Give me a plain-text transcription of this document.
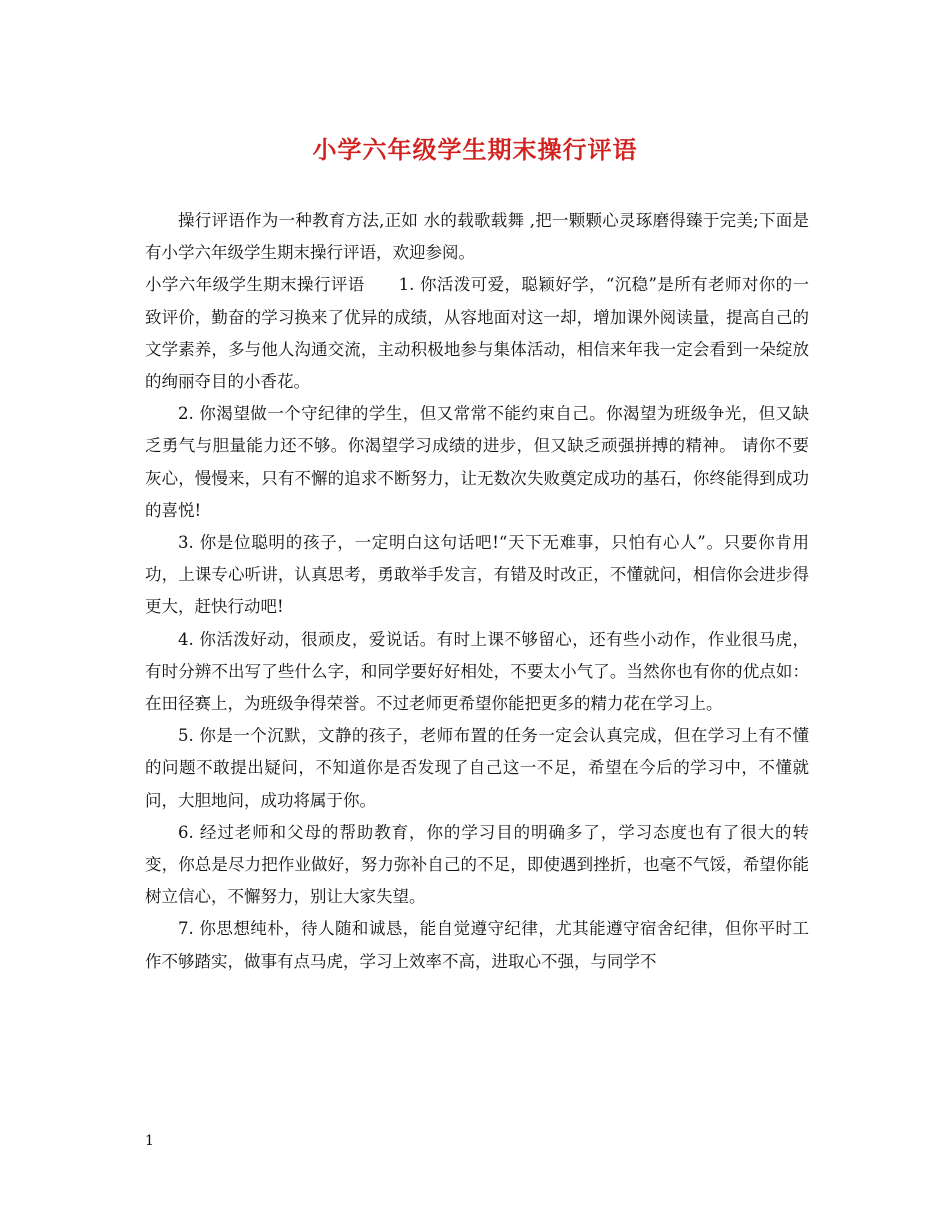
小学六年级学生期末操行评语

操行评语作为一种教育方法,正如 水的载歌载舞 ,把一颗颗心灵琢磨得臻于完美;下面是有小学六年级学生期末操行评语，欢迎参阅。

小学六年级学生期末操行评语 1. 你活泼可爱，聪颖好学，“沉稳”是所有老师对你的一致评价，勤奋的学习换来了优异的成绩，从容地面对这一却，增加课外阅读量，提高自己的文学素养，多与他人沟通交流，主动积极地参与集体活动，相信来年我一定会看到一朵绽放的绚丽夺目的小香花。

2. 你渴望做一个守纪律的学生，但又常常不能约束自己。你渴望为班级争光，但又缺乏勇气与胆量能力还不够。你渴望学习成绩的进步，但又缺乏顽强拼搏的精神。 请你不要灰心，慢慢来，只有不懈的追求不断努力，让无数次失败奠定成功的基石，你终能得到成功的喜悦!

3. 你是位聪明的孩子，一定明白这句话吧!“天下无难事，只怕有心人”。只要你肯用功，上课专心听讲，认真思考，勇敢举手发言，有错及时改正，不懂就问，相信你会进步得更大，赶快行动吧!

4. 你活泼好动，很顽皮，爱说话。有时上课不够留心，还有些小动作，作业很马虎，有时分辨不出写了些什么字，和同学要好好相处，不要太小气了。当然你也有你的优点如：在田径赛上，为班级争得荣誉。不过老师更希望你能把更多的精力花在学习上。

5. 你是一个沉默，文静的孩子，老师布置的任务一定会认真完成，但在学习上有不懂的问题不敢提出疑问，不知道你是否发现了自己这一不足，希望在今后的学习中，不懂就问，大胆地问，成功将属于你。

6. 经过老师和父母的帮助教育，你的学习目的明确多了，学习态度也有了很大的转变，你总是尽力把作业做好，努力弥补自己的不足，即使遇到挫折，也毫不气馁，希望你能树立信心，不懈努力，别让大家失望。

7. 你思想纯朴，待人随和诚恳，能自觉遵守纪律，尤其能遵守宿舍纪律，但你平时工作不够踏实，做事有点马虎，学习上效率不高，进取心不强，与同学不

1
